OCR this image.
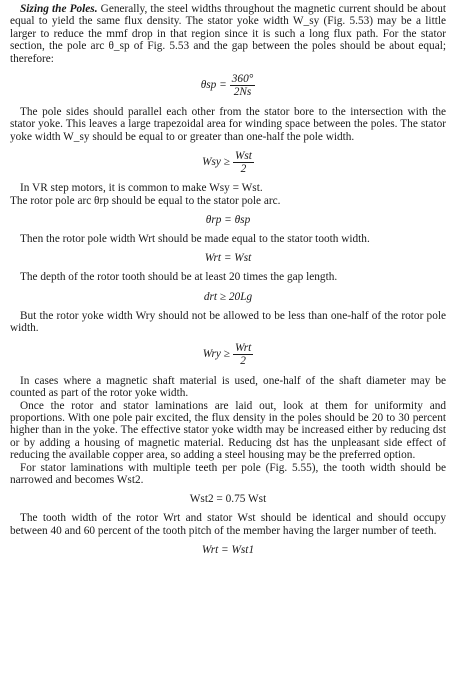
Sizing the Poles. Generally, the steel widths throughout the magnetic current should be about equal to yield the same flux density. The stator yoke width W_sy (Fig. 5.53) may be a little larger to reduce the mmf drop in that region since it is such a long flux path. For the stator section, the pole arc θ_sp of Fig. 5.53 and the gap between the poles should be about equal; therefore:

$\theta sp = \frac{360^\circ}{2Ns}$

The pole sides should parallel each other from the stator bore to the intersection with the stator yoke. This leaves a large trapezoidal area for winding space between the poles. The stator yoke width W_sy should be equal to or greater than one-half the pole width.

Wsy ≥ $\frac{\text{Wst}}{2}$

In VR step motors, it is common to make Wsy = Wst.

The rotor pole arc θrp should be equal to the stator pole arc.

θrp = θsp

Then the rotor pole width Wrt should be made equal to the stator tooth width.

Wrt = Wst

The depth of the rotor tooth should be at least 20 times the gap length.

drt ≥ 20Lg

But the rotor yoke width Wry should not be allowed to be less than one-half of the rotor pole width.

Wry ≥ $\frac{\text{Wrt}}{2}$

In cases where a magnetic shaft material is used, one-half of the shaft diameter may be counted as part of the rotor yoke width.

Once the rotor and stator laminations are laid out, look at them for uniformity and proportions. With one pole pair excited, the flux density in the poles should be 20 to 30 percent higher than in the yoke. The effective stator yoke width may be increased either by reducing dst or by adding a housing of magnetic material. Reducing dst has the unpleasant side effect of reducing the available copper area, so adding a steel housing may be the preferred option.

For stator laminations with multiple teeth per pole (Fig. 5.55), the tooth width should be narrowed and becomes Wst2.

Wst2 = 0.75 Wst

The tooth width of the rotor Wrt and stator Wst should be identical and should occupy between 40 and 60 percent of the tooth pitch of the member having the larger number of teeth.

Wrt = Wst1
